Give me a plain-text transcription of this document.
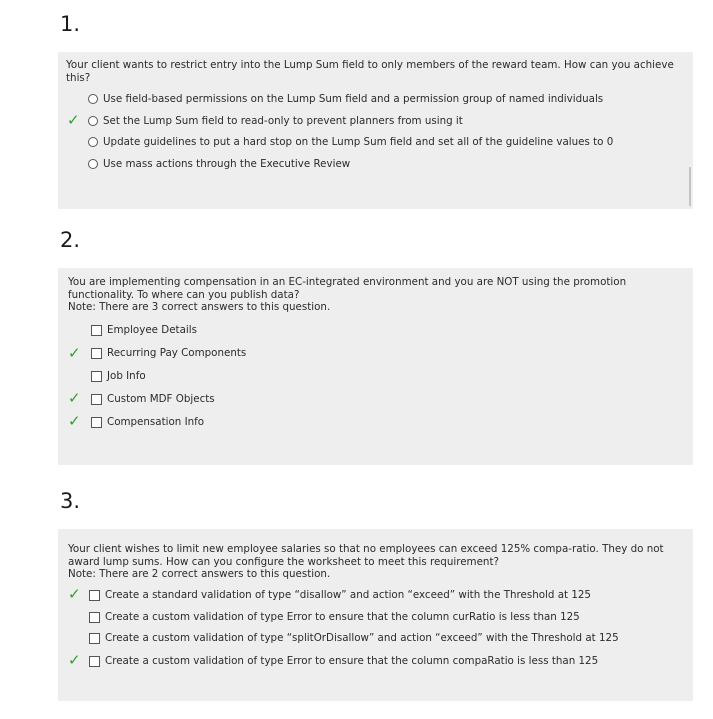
1.
Your client wants to restrict entry into the Lump Sum field to only members of the reward team. How can you achieve this?
Use field-based permissions on the Lump Sum field and a permission group of named individuals
✓ Set the Lump Sum field to read-only to prevent planners from using it
Update guidelines to put a hard stop on the Lump Sum field and set all of the guideline values to 0
Use mass actions through the Executive Review
2.
You are implementing compensation in an EC-integrated environment and you are NOT using the promotion
functionality. To where can you publish data?
Note: There are 3 correct answers to this question.
Employee Details
✓	Recurring Pay Components
Job Info
✓	Custom MDF Objects
✓	Compensation Info
3.
Your client wishes to limit new employee salaries so that no employees can exceed 125% compa-ratio. They do not
award lump sums. How can you configure the worksheet to meet this requirement?
Note: There are 2 correct answers to this question.
✓ Create a standard validation of type “disallow” and action “exceed” with the Threshold at 125
Create a custom validation of type Error to ensure that the column curRatio is less than 125
Create a custom validation of type “splitOrDisallow” and action “exceed” with the Threshold at 125
✓ Create a custom validation of type Error to ensure that the column compaRatio is less than 125
